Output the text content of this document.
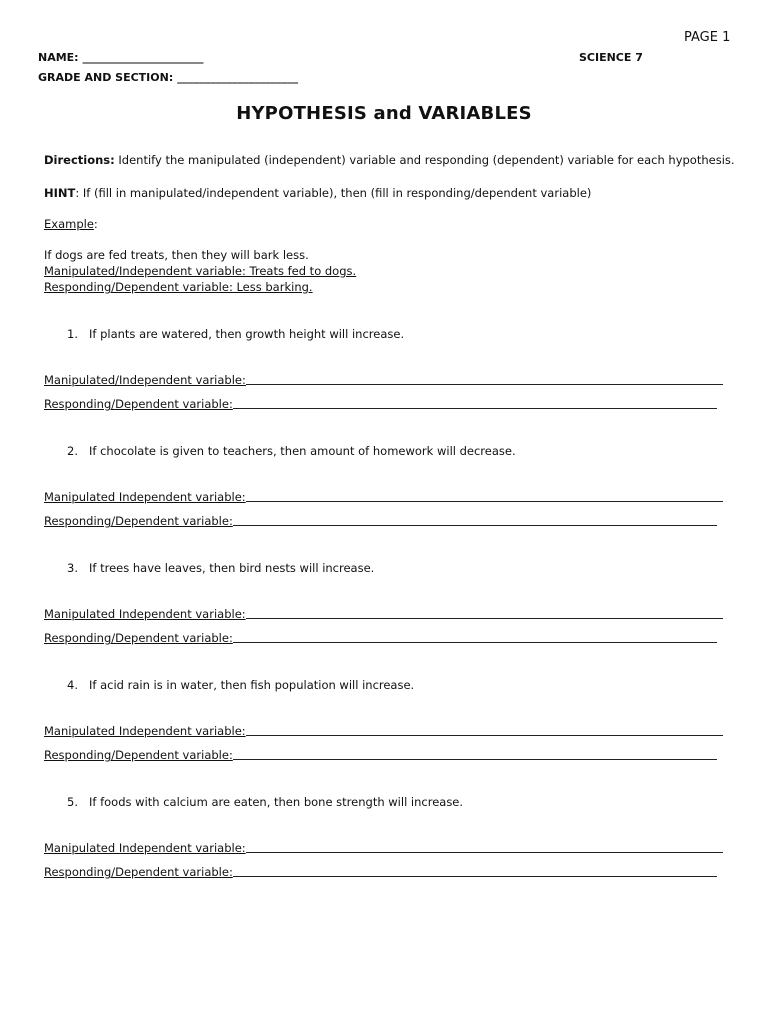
PAGE 1
NAME: ______________________
GRADE AND SECTION: ______________________
SCIENCE 7
HYPOTHESIS and VARIABLES
Directions: Identify the manipulated (independent) variable and responding (dependent) variable for each hypothesis.
HINT: If (fill in manipulated/independent variable), then (fill in responding/dependent variable)
Example:
If dogs are fed treats, then they will bark less.
Manipulated/Independent variable: Treats fed to dogs.
Responding/Dependent variable: Less barking.
1. If plants are watered, then growth height will increase.
Manipulated/Independent variable:
Responding/Dependent variable:
2. If chocolate is given to teachers, then amount of homework will decrease.
Manipulated Independent variable:
Responding/Dependent variable:
3. If trees have leaves, then bird nests will increase.
Manipulated Independent variable:
Responding/Dependent variable:
4. If acid rain is in water, then fish population will increase.
Manipulated Independent variable:
Responding/Dependent variable:
5. If foods with calcium are eaten, then bone strength will increase.
Manipulated Independent variable:
Responding/Dependent variable:
